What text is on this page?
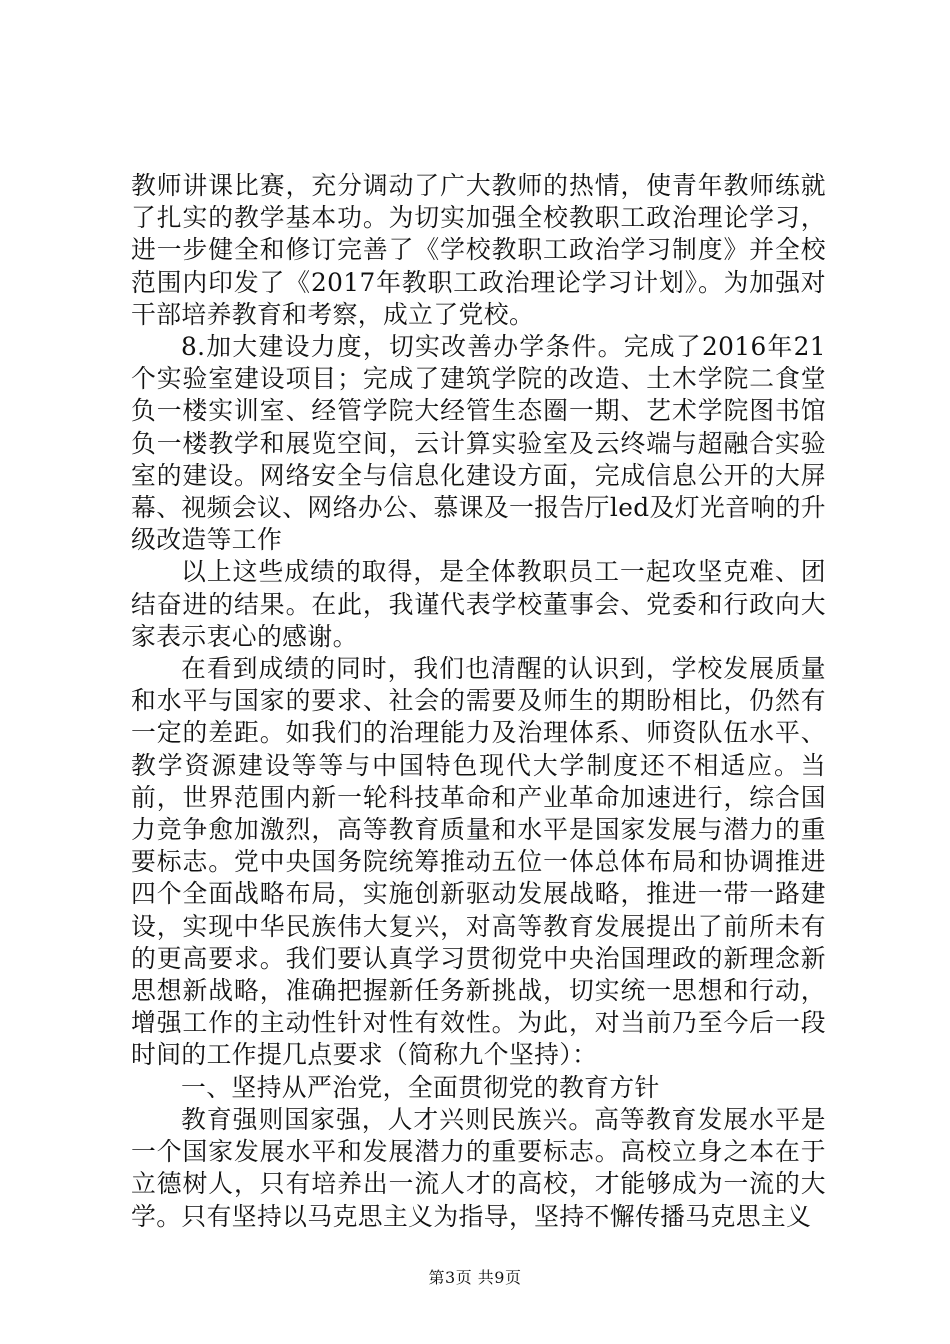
教师讲课比赛，充分调动了广大教师的热情，使青年教师练就了扎实的教学基本功。为切实加强全校教职工政治理论学习，进一步健全和修订完善了《学校教职工政治学习制度》并全校范围内印发了《2017年教职工政治理论学习计划》。为加强对干部培养教育和考察，成立了党校。

8.加大建设力度，切实改善办学条件。完成了2016年21个实验室建设项目；完成了建筑学院的改造、土木学院二食堂负一楼实训室、经管学院大经管生态圈一期、艺术学院图书馆负一楼教学和展览空间，云计算实验室及云终端与超融合实验室的建设。网络安全与信息化建设方面，完成信息公开的大屏幕、视频会议、网络办公、慕课及一报告厅led及灯光音响的升级改造等工作

以上这些成绩的取得，是全体教职员工一起攻坚克难、团结奋进的结果。在此，我谨代表学校董事会、党委和行政向大家表示衷心的感谢。

在看到成绩的同时，我们也清醒的认识到，学校发展质量和水平与国家的要求、社会的需要及师生的期盼相比，仍然有一定的差距。如我们的治理能力及治理体系、师资队伍水平、教学资源建设等等与中国特色现代大学制度还不相适应。当前，世界范围内新一轮科技革命和产业革命加速进行，综合国力竞争愈加激烈，高等教育质量和水平是国家发展与潜力的重要标志。党中央国务院统筹推动五位一体总体布局和协调推进四个全面战略布局，实施创新驱动发展战略，推进一带一路建设，实现中华民族伟大复兴，对高等教育发展提出了前所未有的更高要求。我们要认真学习贯彻党中央治国理政的新理念新思想新战略，准确把握新任务新挑战，切实统一思想和行动，增强工作的主动性针对性有效性。为此，对当前乃至今后一段时间的工作提几点要求（简称九个坚持）：

一、坚持从严治党，全面贯彻党的教育方针

教育强则国家强，人才兴则民族兴。高等教育发展水平是一个国家发展水平和发展潜力的重要标志。高校立身之本在于立德树人，只有培养出一流人才的高校，才能够成为一流的大学。只有坚持以马克思主义为指导，坚持不懈传播马克思主义

第3页 共9页
